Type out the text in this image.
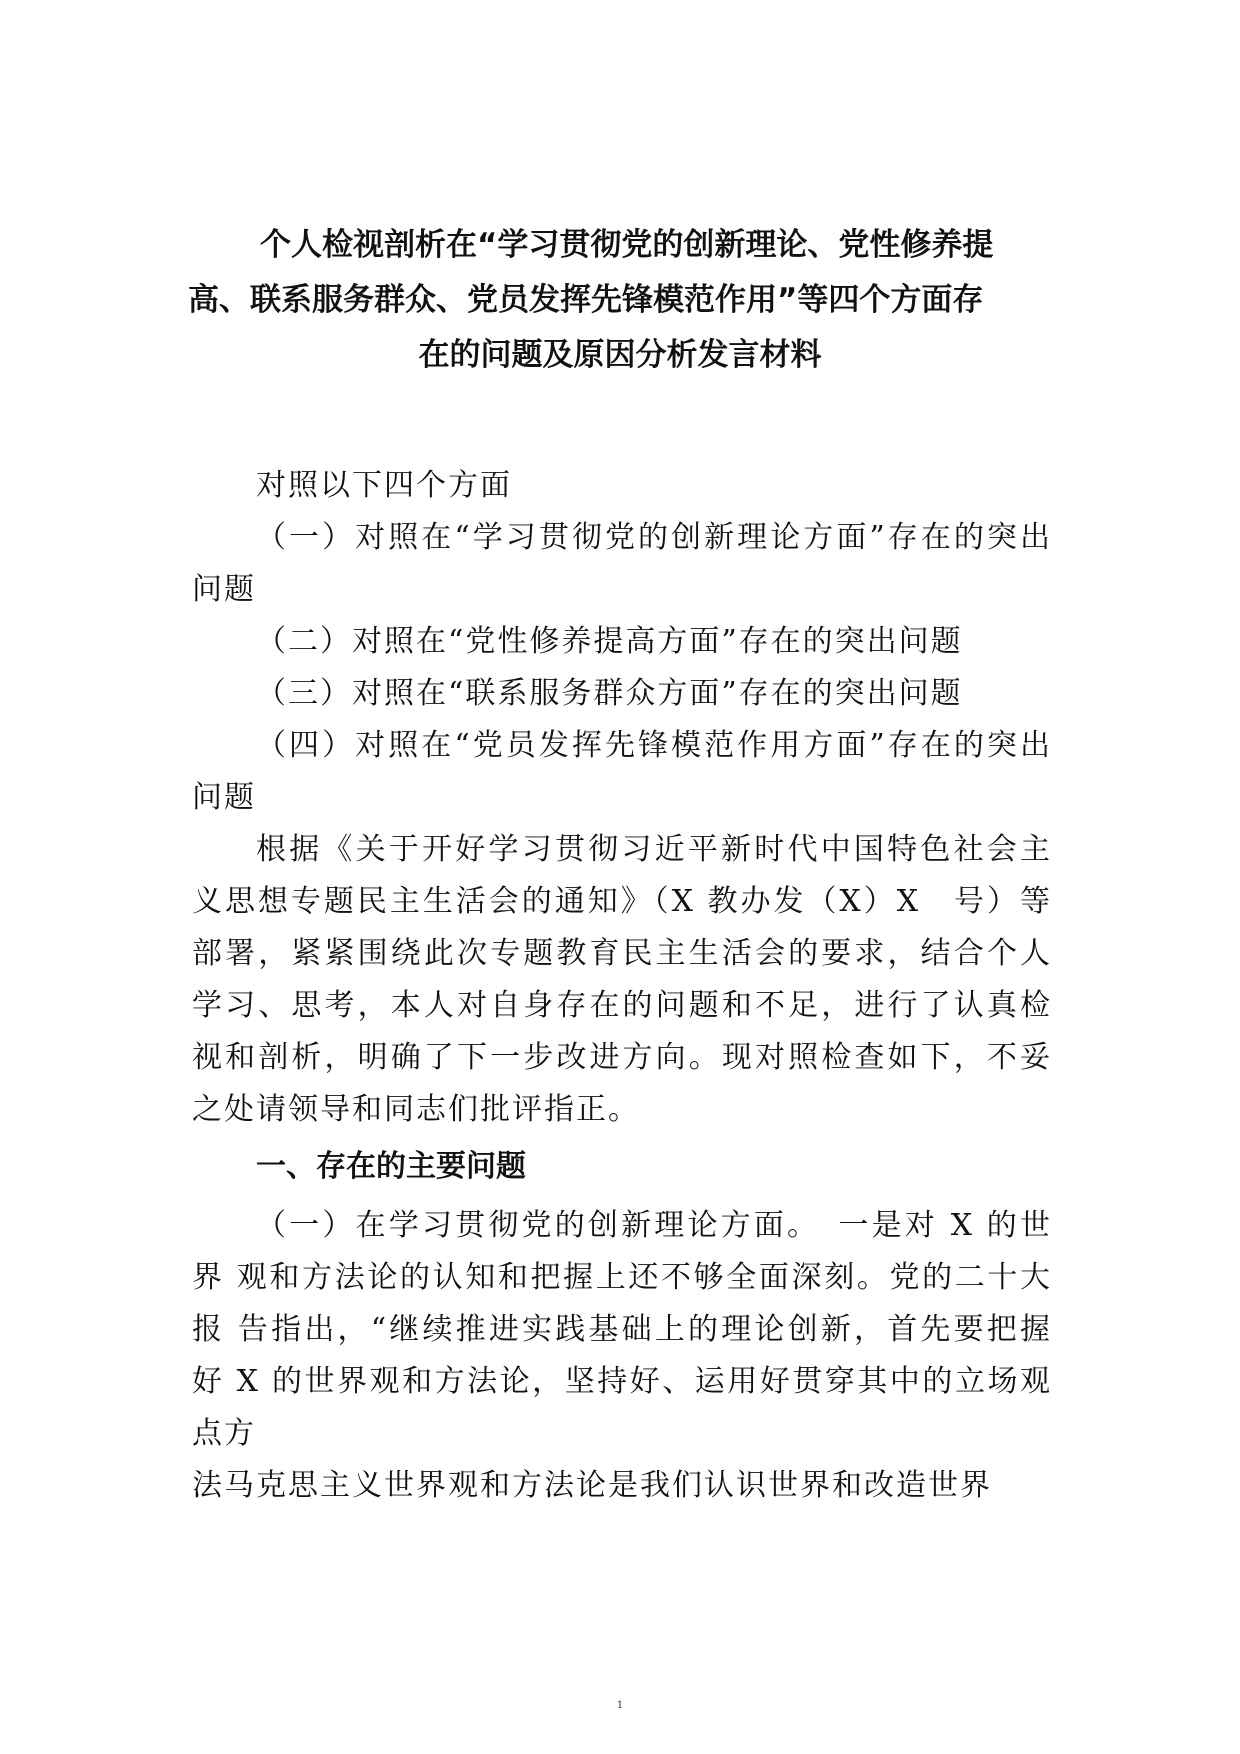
个人检视剖析在“学习贯彻党的创新理论、党性修养提
高、联系服务群众、党员发挥先锋模范作用”等四个方面存
在的问题及原因分析发言材料

对照以下四个方面

（一）对照在“学习贯彻党的创新理论方面”存在的突出问题

（二）对照在“党性修养提高方面”存在的突出问题

（三）对照在“联系服务群众方面”存在的突出问题

（四）对照在“党员发挥先锋模范作用方面”存在的突出问题

根据《关于开好学习贯彻习近平新时代中国特色社会主义思想专题民主生活会的通知》（X 教办发（X）X　号）等部署，紧紧围绕此次专题教育民主生活会的要求，结合个人学习、思考，本人对自身存在的问题和不足，进行了认真检视和剖析，明确了下一步改进方向。现对照检查如下，不妥之处请领导和同志们批评指正。

一、存在的主要问题

（一）在学习贯彻党的创新理论方面。　一是对 X 的世界 观和方法论的认知和把握上还不够全面深刻。党的二十大报 告指出，“继续推进实践基础上的理论创新，首先要把握好 X 的世界观和方法论，坚持好、运用好贯穿其中的立场观点方

法马克思主义世界观和方法论是我们认识世界和改造世界

1
